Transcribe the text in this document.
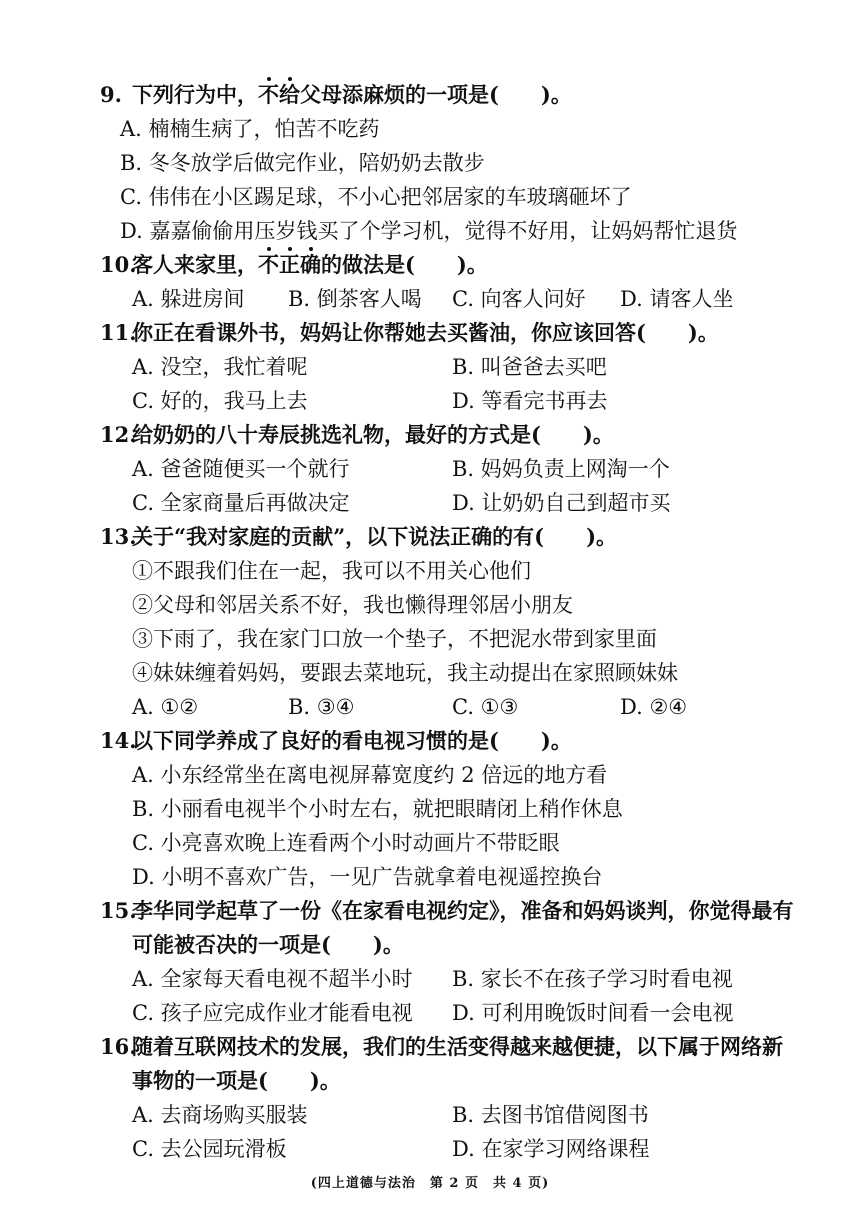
9. 下列行为中，不给父母添麻烦的一项是(　　)。
A. 楠楠生病了，怕苦不吃药
B. 冬冬放学后做完作业，陪奶奶去散步
C. 伟伟在小区踢足球，不小心把邻居家的车玻璃砸坏了
D. 嘉嘉偷偷用压岁钱买了个学习机，觉得不好用，让妈妈帮忙退货
10.客人来家里，不正确的做法是(　　)。
A. 躲进房间 B. 倒茶客人喝 C. 向客人问好 D. 请客人坐
11.你正在看课外书，妈妈让你帮她去买酱油，你应该回答(　　)。
A. 没空，我忙着呢	B. 叫爸爸去买吧
C. 好的，我马上去	D. 等看完书再去
12.给奶奶的八十寿辰挑选礼物，最好的方式是(　　)。
A. 爸爸随便买一个就行	B. 妈妈负责上网淘一个
C. 全家商量后再做决定	D. 让奶奶自己到超市买
13.关于“我对家庭的贡献”，以下说法正确的有(　　)。
①不跟我们住在一起，我可以不用关心他们
②父母和邻居关系不好，我也懒得理邻居小朋友
③下雨了，我在家门口放一个垫子，不把泥水带到家里面
④妹妹缠着妈妈，要跟去菜地玩，我主动提出在家照顾妹妹
A. ①②	B. ③④	C. ①③	D. ②④
14.以下同学养成了良好的看电视习惯的是(　　)。
A. 小东经常坐在离电视屏幕宽度约 2 倍远的地方看
B. 小丽看电视半个小时左右，就把眼睛闭上稍作休息
C. 小亮喜欢晚上连看两个小时动画片不带眨眼
D. 小明不喜欢广告，一见广告就拿着电视遥控换台
15.李华同学起草了一份《在家看电视约定》，准备和妈妈谈判，你觉得最有
可能被否决的一项是(　　)。
A. 全家每天看电视不超半小时 B. 家长不在孩子学习时看电视
C. 孩子应完成作业才能看电视 D. 可利用晚饭时间看一会电视
16.随着互联网技术的发展，我们的生活变得越来越便捷，以下属于网络新
事物的一项是(　　)。
A. 去商场购买服装	B. 去图书馆借阅图书
C. 去公园玩滑板	D. 在家学习网络课程
(四上道德与法治　第 2 页　共 4 页)
